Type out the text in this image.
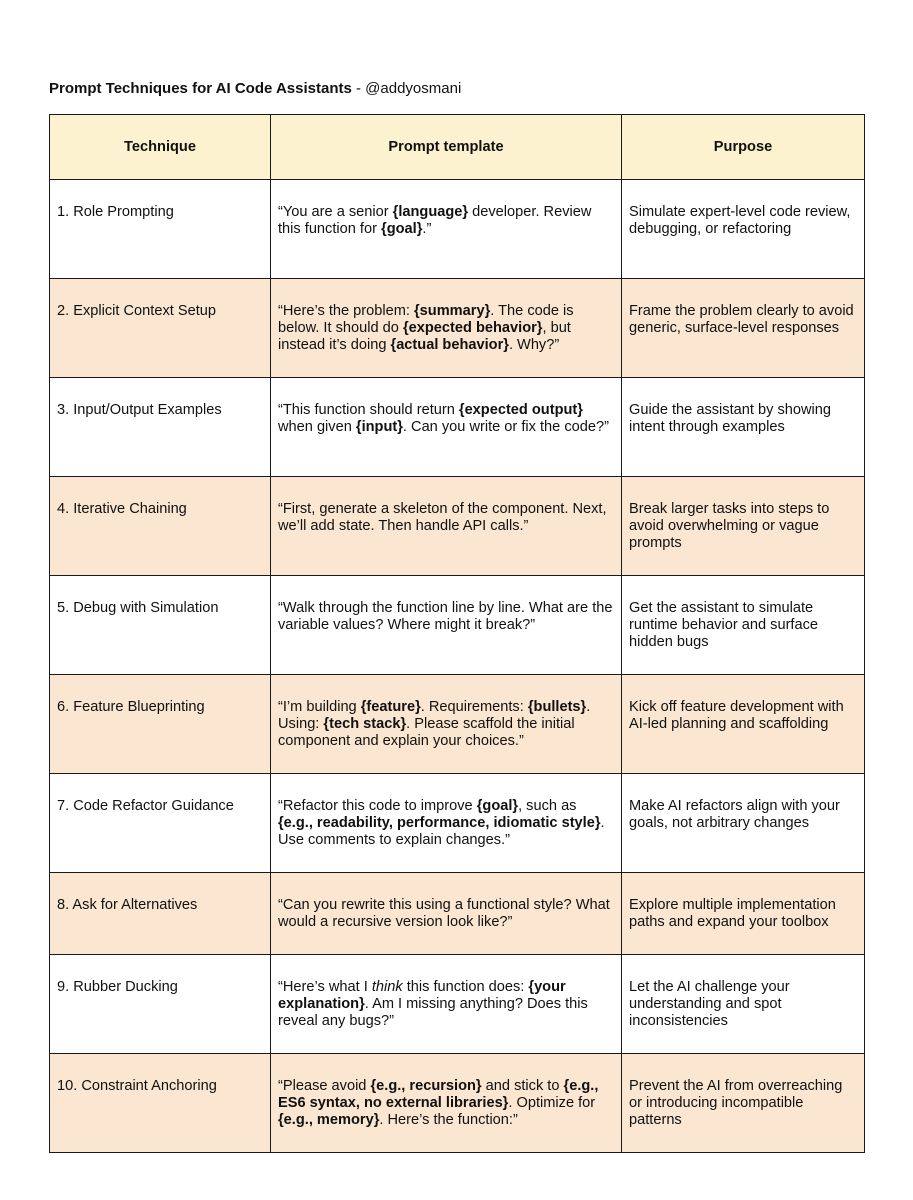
Prompt Techniques for AI Code Assistants - @addyosmani
Technique	Prompt template	Purpose

1. Role Prompting	“You are a senior {language} developer. Review this function for {goal}.”	Simulate expert-level code review, debugging, or refactoring

2. Explicit Context Setup	“Here’s the problem: {summary}. The code is below. It should do {expected behavior}, but instead it’s doing {actual behavior}. Why?”	Frame the problem clearly to avoid generic, surface-level responses

3. Input/Output Examples	“This function should return {expected output} when given {input}. Can you write or fix the code?”	Guide the assistant by showing intent through examples

4. Iterative Chaining	“First, generate a skeleton of the component. Next, we’ll add state. Then handle API calls.”	Break larger tasks into steps to avoid overwhelming or vague prompts

5. Debug with Simulation	“Walk through the function line by line. What are the variable values? Where might it break?”	Get the assistant to simulate runtime behavior and surface hidden bugs

6. Feature Blueprinting	“I’m building {feature}. Requirements: {bullets}. Using: {tech stack}. Please scaffold the initial component and explain your choices.”	Kick off feature development with AI-led planning and scaffolding

7. Code Refactor Guidance	“Refactor this code to improve {goal}, such as {e.g., readability, performance, idiomatic style}. Use comments to explain changes.”	Make AI refactors align with your goals, not arbitrary changes

8. Ask for Alternatives	“Can you rewrite this using a functional style? What would a recursive version look like?”	Explore multiple implementation paths and expand your toolbox

9. Rubber Ducking	“Here’s what I think this function does: {your explanation}. Am I missing anything? Does this reveal any bugs?”	Let the AI challenge your understanding and spot inconsistencies

10. Constraint Anchoring	“Please avoid {e.g., recursion} and stick to {e.g., ES6 syntax, no external libraries}. Optimize for {e.g., memory}. Here’s the function:”	Prevent the AI from overreaching or introducing incompatible patterns
